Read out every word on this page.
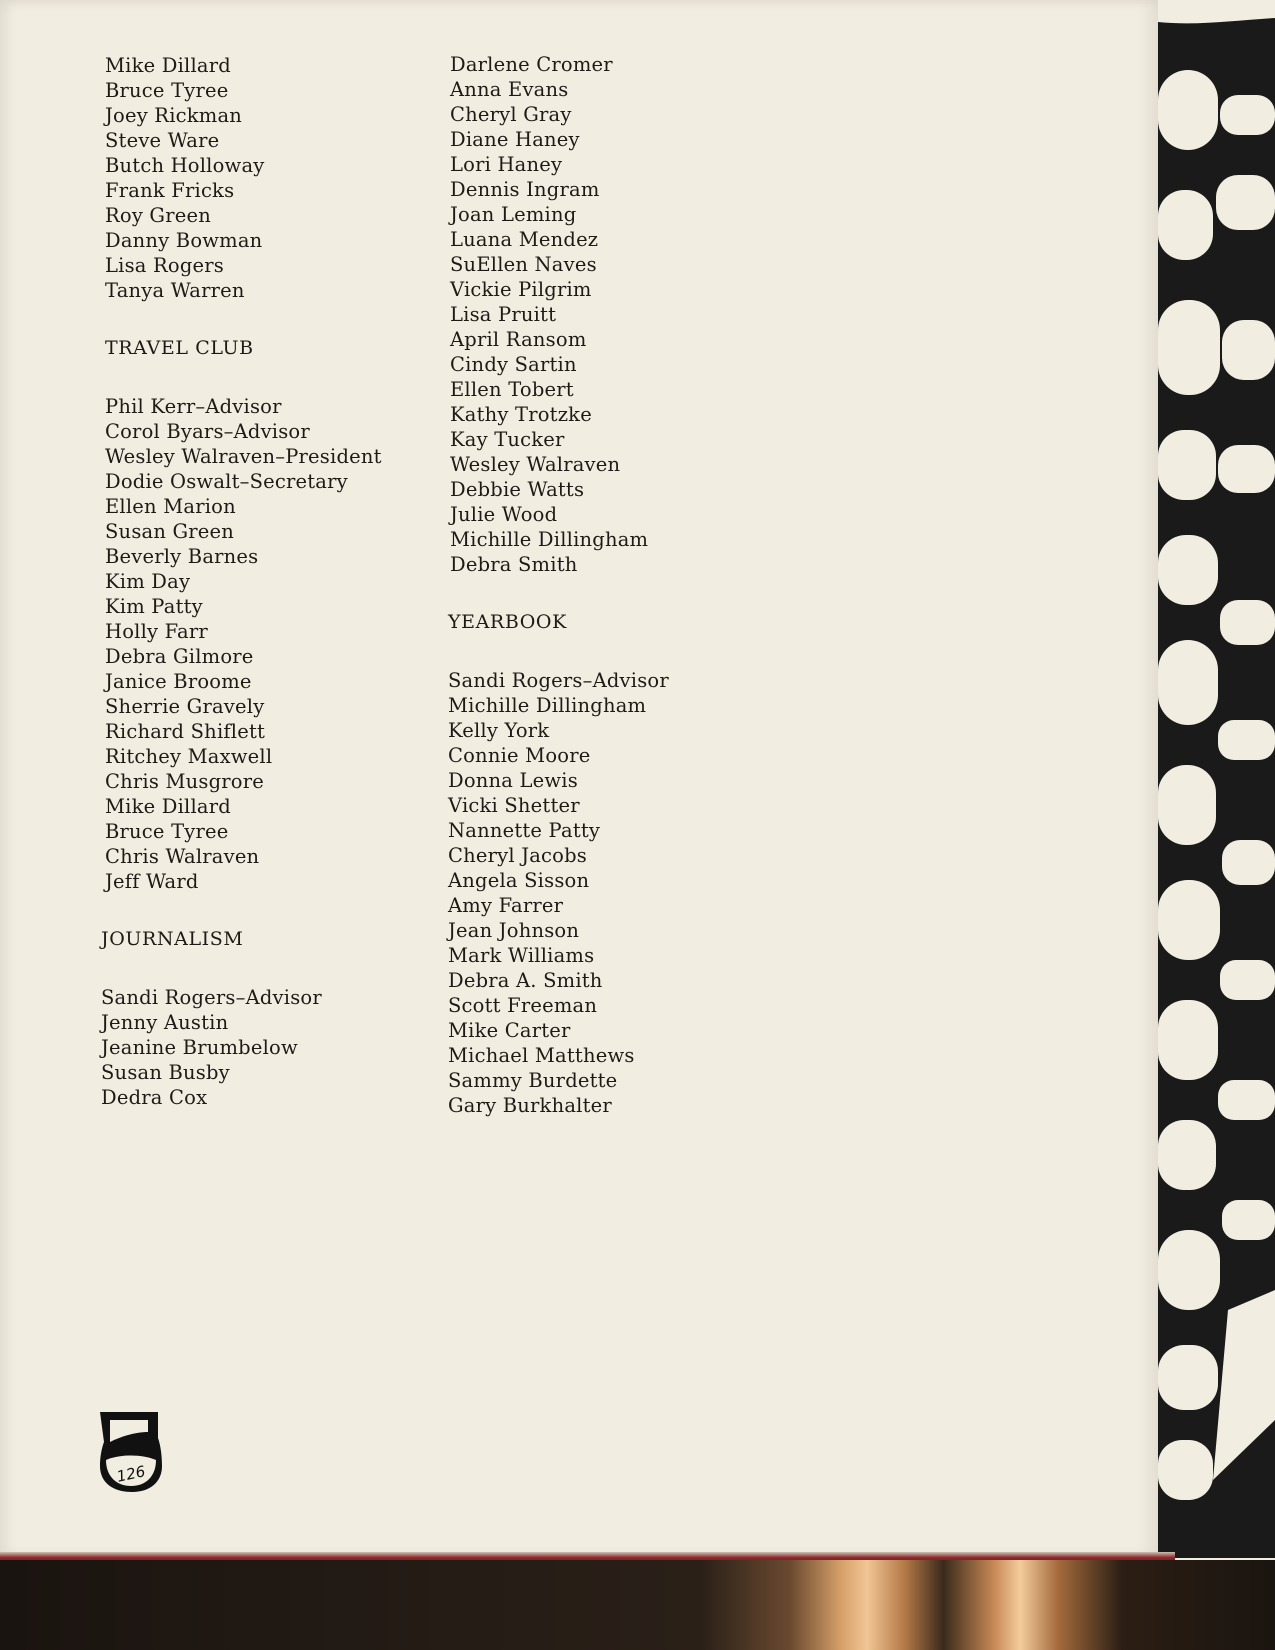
Mike Dillard
Bruce Tyree
Joey Rickman
Steve Ware
Butch Holloway
Frank Fricks
Roy Green
Danny Bowman
Lisa Rogers
Tanya Warren
TRAVEL CLUB
Phil Kerr–Advisor
Corol Byars–Advisor
Wesley Walraven–President
Dodie Oswalt–Secretary
Ellen Marion
Susan Green
Beverly Barnes
Kim Day
Kim Patty
Holly Farr
Debra Gilmore
Janice Broome
Sherrie Gravely
Richard Shiflett
Ritchey Maxwell
Chris Musgrore
Mike Dillard
Bruce Tyree
Chris Walraven
Jeff Ward
JOURNALISM
Sandi Rogers–Advisor
Jenny Austin
Jeanine Brumbelow
Susan Busby
Dedra Cox
Darlene Cromer
Anna Evans
Cheryl Gray
Diane Haney
Lori Haney
Dennis Ingram
Joan Leming
Luana Mendez
SuEllen Naves
Vickie Pilgrim
Lisa Pruitt
April Ransom
Cindy Sartin
Ellen Tobert
Kathy Trotzke
Kay Tucker
Wesley Walraven
Debbie Watts
Julie Wood
Michille Dillingham
Debra Smith
YEARBOOK
Sandi Rogers–Advisor
Michille Dillingham
Kelly York
Connie Moore
Donna Lewis
Vicki Shetter
Nannette Patty
Cheryl Jacobs
Angela Sisson
Amy Farrer
Jean Johnson
Mark Williams
Debra A. Smith
Scott Freeman
Mike Carter
Michael Matthews
Sammy Burdette
Gary Burkhalter
126
